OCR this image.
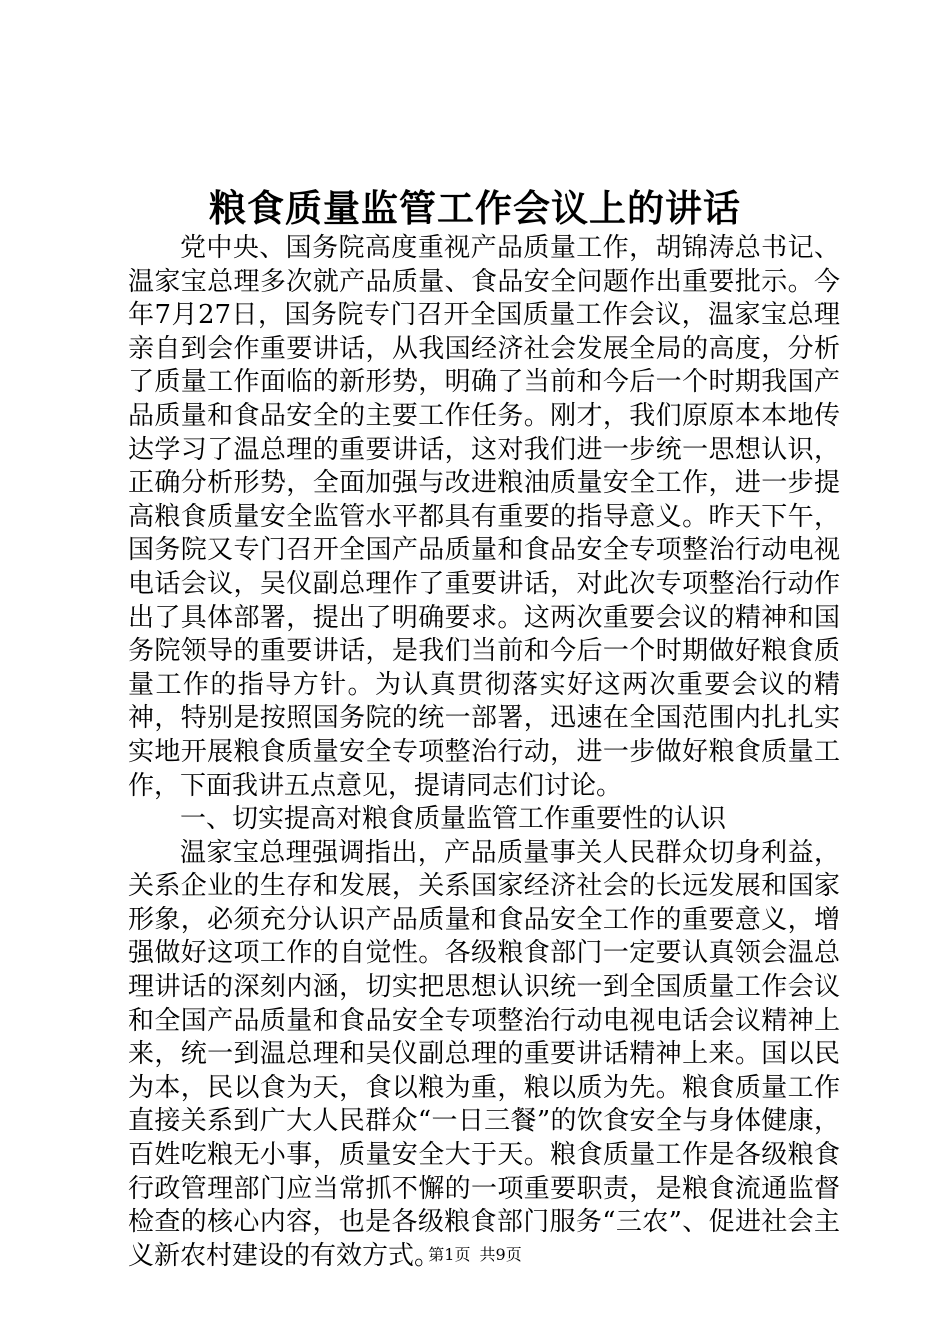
粮食质量监管工作会议上的讲话

党中央、国务院高度重视产品质量工作，胡锦涛总书记、温家宝总理多次就产品质量、食品安全问题作出重要批示。今年7月27日，国务院专门召开全国质量工作会议，温家宝总理亲自到会作重要讲话，从我国经济社会发展全局的高度，分析了质量工作面临的新形势，明确了当前和今后一个时期我国产品质量和食品安全的主要工作任务。刚才，我们原原本本地传达学习了温总理的重要讲话，这对我们进一步统一思想认识，正确分析形势，全面加强与改进粮油质量安全工作，进一步提高粮食质量安全监管水平都具有重要的指导意义。昨天下午，国务院又专门召开全国产品质量和食品安全专项整治行动电视电话会议，吴仪副总理作了重要讲话，对此次专项整治行动作出了具体部署，提出了明确要求。这两次重要会议的精神和国务院领导的重要讲话，是我们当前和今后一个时期做好粮食质量工作的指导方针。为认真贯彻落实好这两次重要会议的精神，特别是按照国务院的统一部署，迅速在全国范围内扎扎实实地开展粮食质量安全专项整治行动，进一步做好粮食质量工作，下面我讲五点意见，提请同志们讨论。

一、切实提高对粮食质量监管工作重要性的认识

温家宝总理强调指出，产品质量事关人民群众切身利益，关系企业的生存和发展，关系国家经济社会的长远发展和国家形象，必须充分认识产品质量和食品安全工作的重要意义，增强做好这项工作的自觉性。各级粮食部门一定要认真领会温总理讲话的深刻内涵，切实把思想认识统一到全国质量工作会议和全国产品质量和食品安全专项整治行动电视电话会议精神上来，统一到温总理和吴仪副总理的重要讲话精神上来。国以民为本，民以食为天，食以粮为重，粮以质为先。粮食质量工作直接关系到广大人民群众“一日三餐”的饮食安全与身体健康，百姓吃粮无小事，质量安全大于天。粮食质量工作是各级粮食行政管理部门应当常抓不懈的一项重要职责，是粮食流通监督检查的核心内容，也是各级粮食部门服务“三农”、促进社会主义新农村建设的有效方式。

第1页 共9页
